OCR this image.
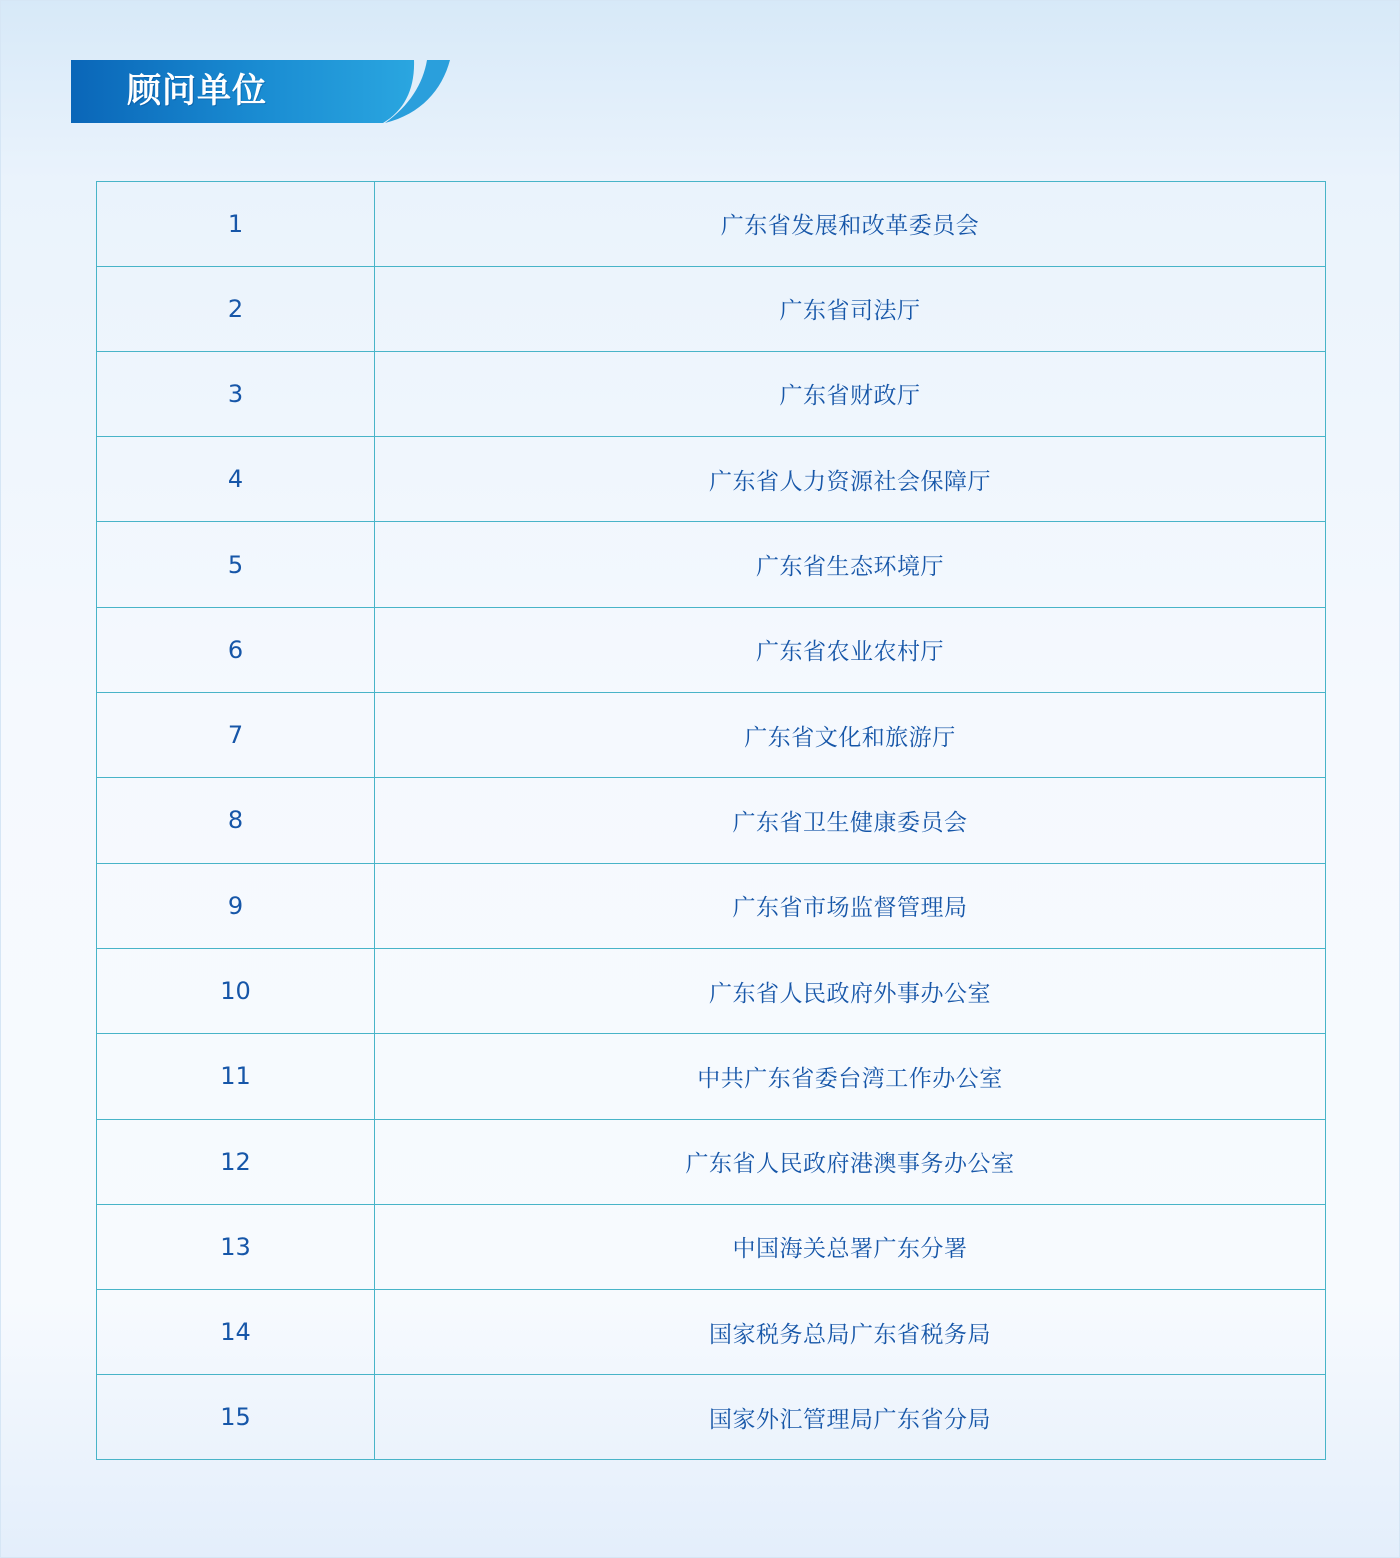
顾问单位
1	广东省发展和改革委员会
2	广东省司法厅
3	广东省财政厅
4	广东省人力资源社会保障厅
5	广东省生态环境厅
6	广东省农业农村厅
7	广东省文化和旅游厅
8	广东省卫生健康委员会
9	广东省市场监督管理局
10	广东省人民政府外事办公室
11	中共广东省委台湾工作办公室
12	广东省人民政府港澳事务办公室
13	中国海关总署广东分署
14	国家税务总局广东省税务局
15	国家外汇管理局广东省分局
